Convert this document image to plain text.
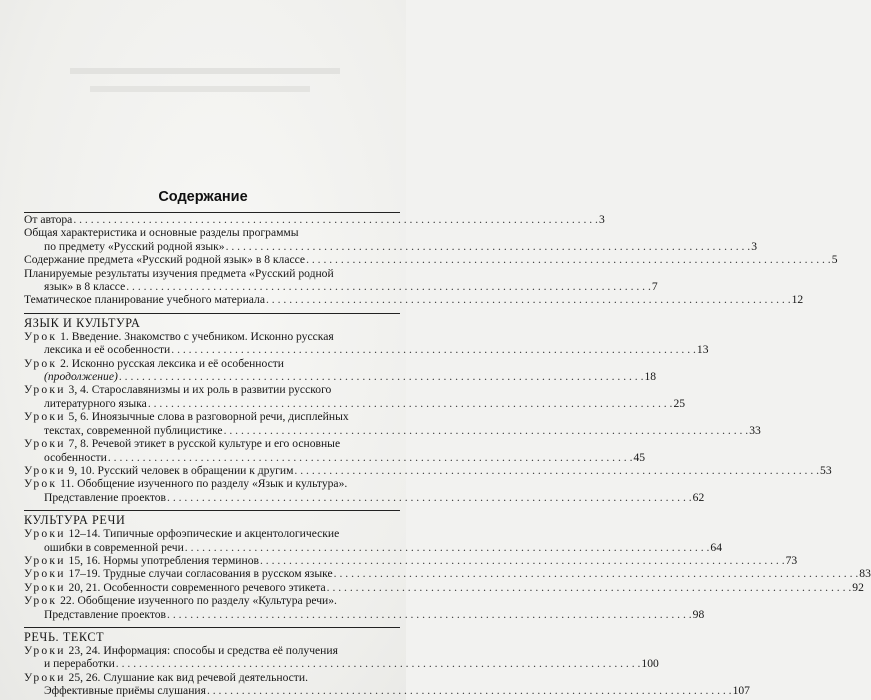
Содержание
От автора . . .	3
Общая характеристика и основные разделы программы
по предмету «Русский родной язык» . . .	3
Содержание предмета «Русский родной язык» в 8 классе . . .	5
Планируемые результаты изучения предмета «Русский родной
язык» в 8 классе . . .	7
Тематическое планирование учебного материала . . .	12
ЯЗЫК И КУЛЬТУРА
Урок 1. Введение. Знакомство с учебником. Исконно русская
лексика и её особенности . . .	13
Урок 2. Исконно русская лексика и её особенности
(продолжение) . . .	18
Уроки 3, 4. Старославянизмы и их роль в развитии русского
литературного языка . . .	25
Уроки 5, 6. Иноязычные слова в разговорной речи, дисплейных
текстах, современной публицистике . . .	33
Уроки 7, 8. Речевой этикет в русской культуре и его основные
особенности . . .	45
Уроки 9, 10. Русский человек в обращении к другим . . .	53
Урок 11. Обобщение изученного по разделу «Язык и культура».
Представление проектов . . .	62
КУЛЬТУРА РЕЧИ
Уроки 12–14. Типичные орфоэпические и акцентологические
ошибки в современной речи . . .	64
Уроки 15, 16. Нормы употребления терминов . . .	73
Уроки 17–19. Трудные случаи согласования в русском языке . . .	83
Уроки 20, 21. Особенности современного речевого этикета . . .	92
Урок 22. Обобщение изученного по разделу «Культура речи».
Представление проектов . . .	98
РЕЧЬ. ТЕКСТ
Уроки 23, 24. Информация: способы и средства её получения
и переработки . . .	100
Уроки 25, 26. Слушание как вид речевой деятельности.
Эффективные приёмы слушания . . .	107
